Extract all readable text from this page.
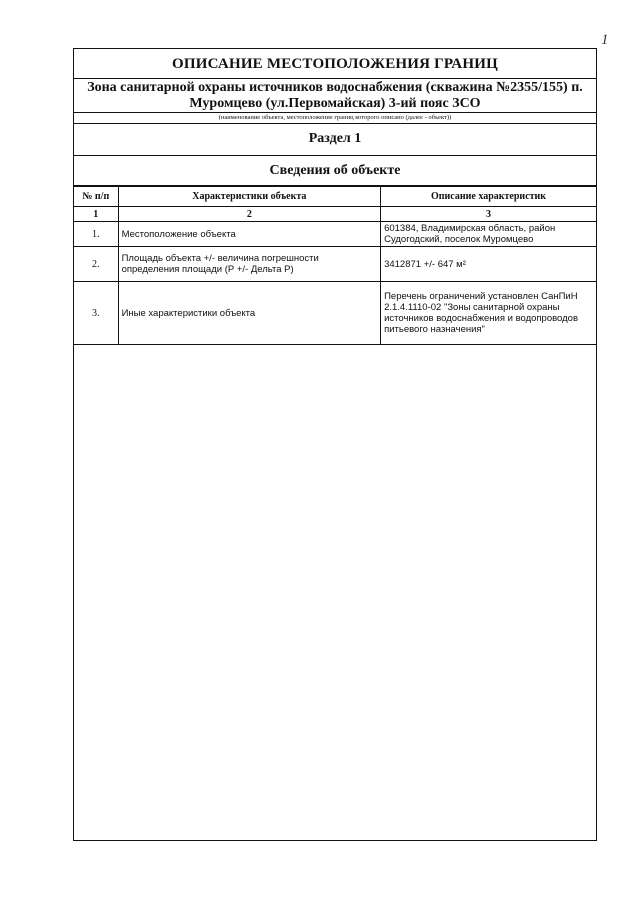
1
ОПИСАНИЕ МЕСТОПОЛОЖЕНИЯ ГРАНИЦ
Зона санитарной охраны источников водоснабжения (скважина №2355/155) п.
Муромцево (ул.Первомайская) 3-ий пояс ЗСО
(наименование объекта, местоположение границ которого описано (далее - объект))
Раздел 1
Сведения об объекте
№ п/п	Характеристики объекта	Описание характеристик
1	2	3
1.	Местоположение объекта	601384, Владимирская область, район Судогодский, поселок Муромцево
2.	Площадь объекта +/- величина погрешности определения площади (Р +/- Дельта Р)	3412871 +/- 647 м²
3.	Иные характеристики объекта	Перечень ограничений установлен СанПиН 2.1.4.1110-02 "Зоны санитарной охраны источников водоснабжения и водопроводов питьевого назначения"
